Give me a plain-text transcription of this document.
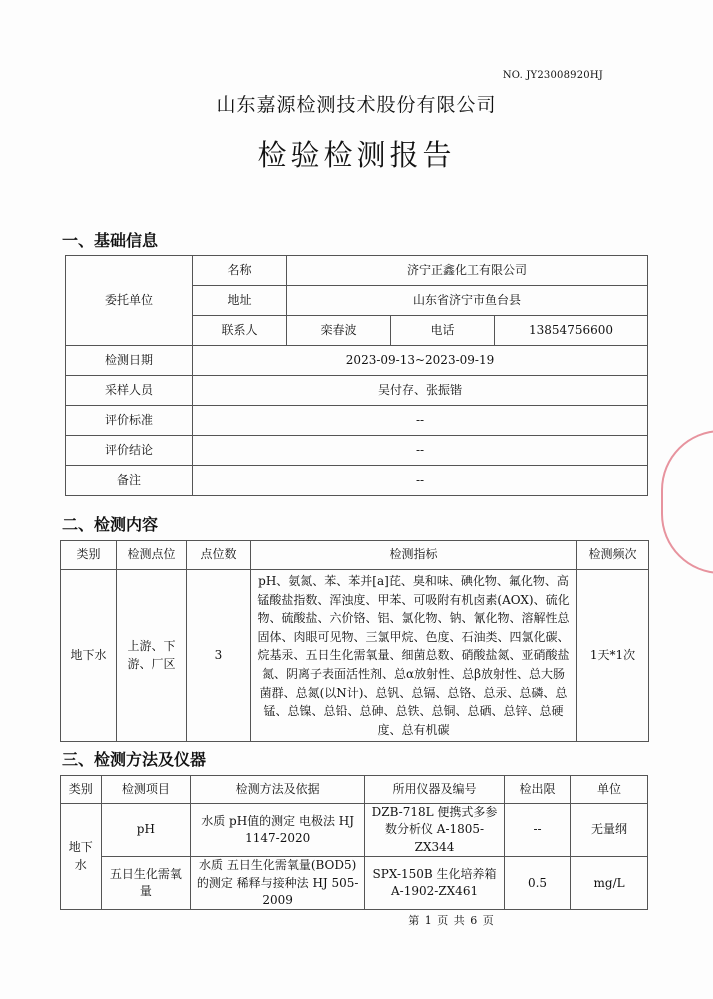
NO. JY23008920HJ
山东嘉源检测技术股份有限公司
检验检测报告
一、基础信息
委托单位	名称	济宁正鑫化工有限公司		
	地址	山东省济宁市鱼台县		
	联系人	栾春波	电话	13854756600
检测日期	2023-09-13~2023-09-19			
采样人员	吴付存、张振锴			
评价标准	--			
评价结论	--			
备注	--			
二、检测内容
类别	检测点位	点位数	检测指标	检测频次
地下水	上游、下游、厂区	3	pH、氨氮、苯、苯并[a]芘、臭和味、碘化物、氟化物、高锰酸盐指数、浑浊度、甲苯、可吸附有机卤素(AOX)、硫化物、硫酸盐、六价铬、铝、氯化物、钠、氰化物、溶解性总固体、肉眼可见物、三氯甲烷、色度、石油类、四氯化碳、烷基汞、五日生化需氧量、细菌总数、硝酸盐氮、亚硝酸盐氮、阴离子表面活性剂、总α放射性、总β放射性、总大肠菌群、总氮(以N计)、总钒、总镉、总铬、总汞、总磷、总锰、总镍、总铅、总砷、总铁、总铜、总硒、总锌、总硬度、总有机碳	1天*1次
三、检测方法及仪器
类别	检测项目	检测方法及依据	所用仪器及编号	检出限	单位
地下水	pH	水质 pH值的测定 电极法 HJ 1147-2020	DZB-718L 便携式多参数分析仪 A-1805-ZX344	--	无量纲
	五日生化需氧量	水质 五日生化需氧量(BOD5)的测定 稀释与接种法 HJ 505-2009	SPX-150B 生化培养箱 A-1902-ZX461	0.5	mg/L
第 1 页 共 6 页
